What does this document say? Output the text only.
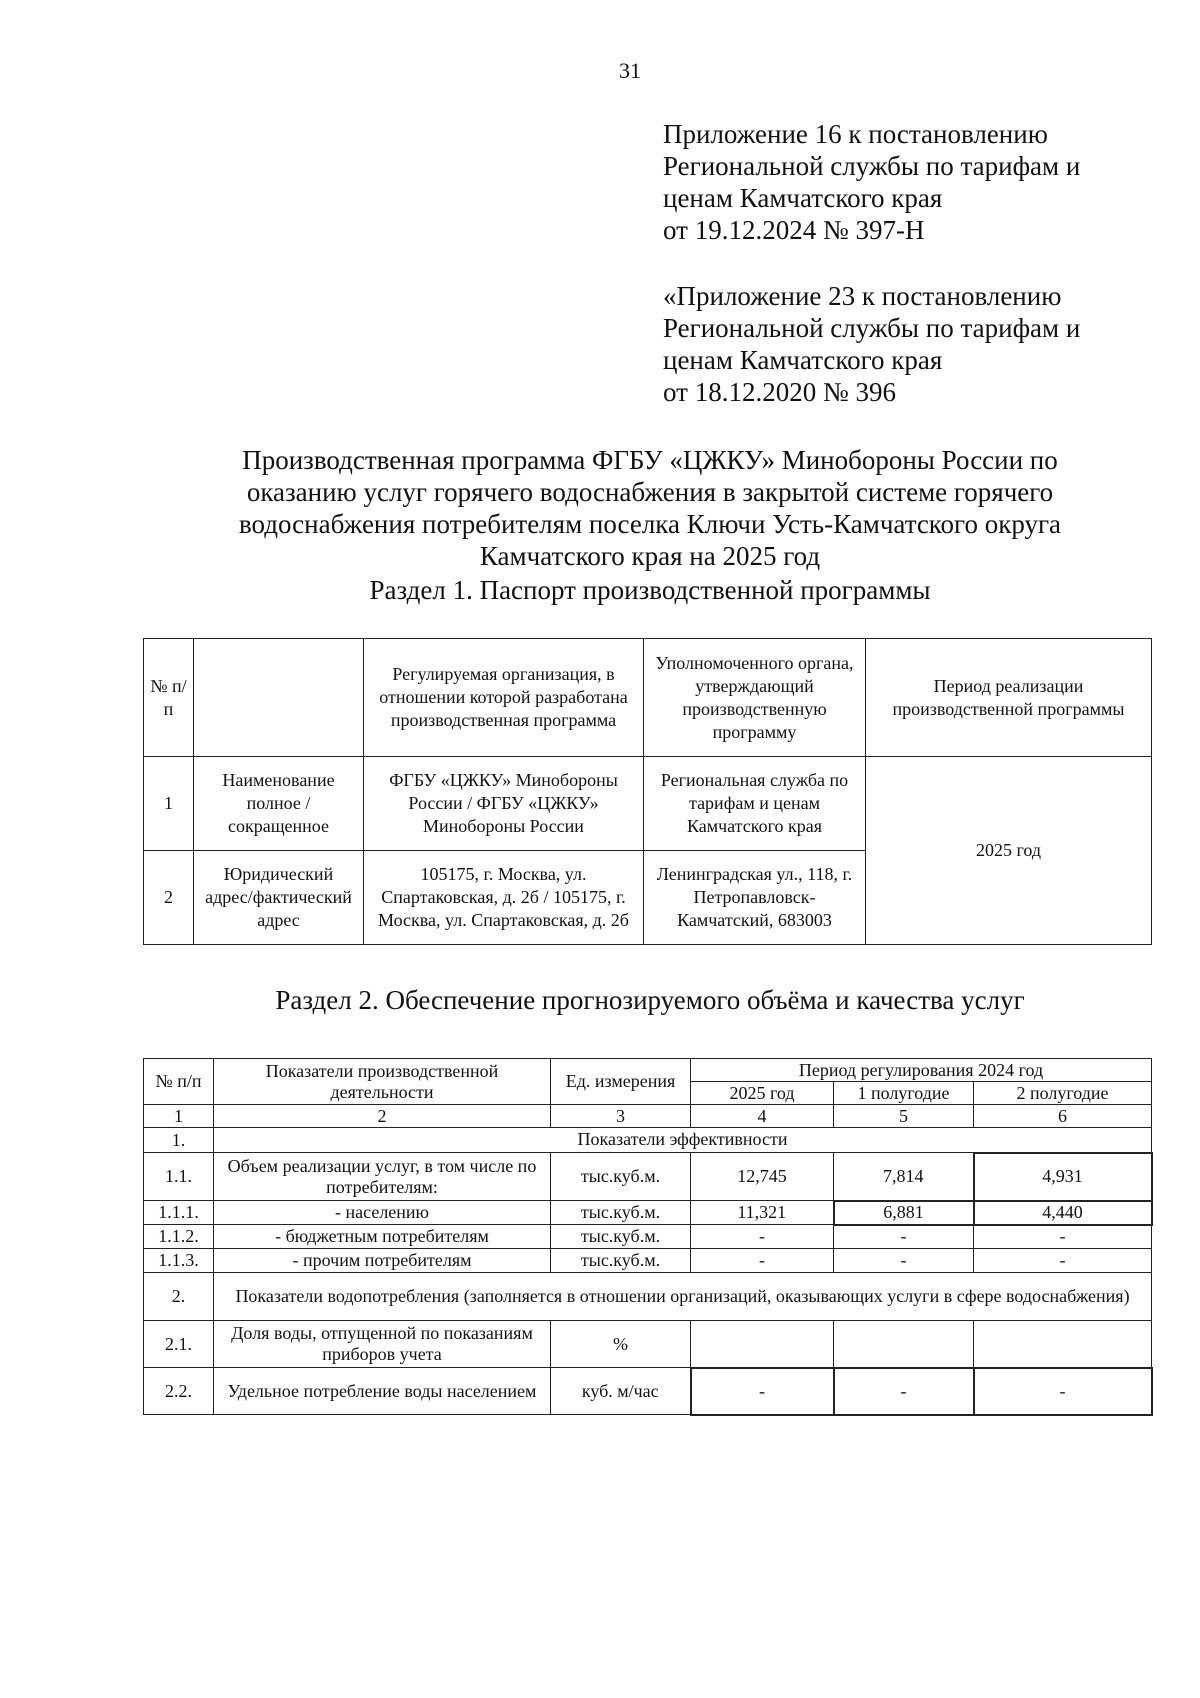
31
Приложение 16 к постановлению
Региональной службы по тарифам и
ценам Камчатского края
от 19.12.2024 № 397-Н
«Приложение 23 к постановлению
Региональной службы по тарифам и
ценам Камчатского края
от 18.12.2020 № 396
Производственная программа ФГБУ «ЦЖКУ» Минобороны России по
оказанию услуг горячего водоснабжения в закрытой системе горячего
водоснабжения потребителям поселка Ключи Усть-Камчатского округа
Камчатского края на 2025 год
Раздел 1. Паспорт производственной программы
№ п/п		Регулируемая организация, в отношении которой разработана производственная программа	Уполномоченного органа, утверждающий производственную программу	Период реализации производственной программы
1	Наименование полное / сокращенное	ФГБУ «ЦЖКУ» Минобороны России / ФГБУ «ЦЖКУ» Минобороны России	Региональная служба по тарифам и ценам Камчатского края	2025 год
2	Юридический адрес/фактический адрес	105175, г. Москва, ул. Спартаковская, д. 2б / 105175, г. Москва, ул. Спартаковская, д. 2б	Ленинградская ул., 118, г. Петропавловск-Камчатский, 683003	
Раздел 2. Обеспечение прогнозируемого объёма и качества услуг
№ п/п	Показатели производственной деятельности	Ед. измерения	Период регулирования 2024 год		
			2025 год	1 полугодие	2 полугодие
1	2	3	4	5	6
1.	Показатели эффективности				
1.1.	Объем реализации услуг, в том числе по потребителям:	тыс.куб.м.	12,745	7,814	4,931
1.1.1.	- населению	тыс.куб.м.	11,321	6,881	4,440
1.1.2.	- бюджетным потребителям	тыс.куб.м.	-	-	-
1.1.3.	- прочим потребителям	тыс.куб.м.	-	-	-
2.	Показатели водопотребления (заполняется в отношении организаций, оказывающих услуги в сфере водоснабжения)				
2.1.	Доля воды, отпущенной по показаниям приборов учета	%			
2.2.	Удельное потребление воды населением	куб. м/час	-	-	-
